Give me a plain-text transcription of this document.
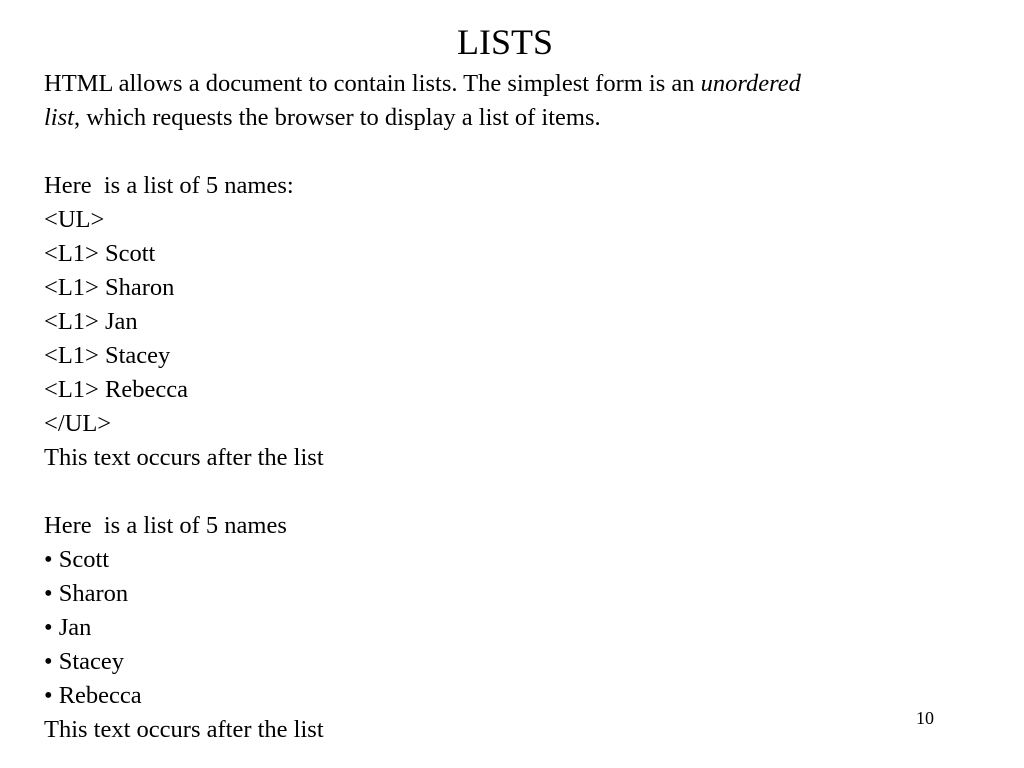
LISTS
HTML allows a document to contain lists. The simplest form is an unordered
list, which requests the browser to display a list of items.
Here  is a list of 5 names:
<UL>
<L1> Scott
<L1> Sharon
<L1> Jan
<L1> Stacey
<L1> Rebecca
</UL>
This text occurs after the list
Here  is a list of 5 names
• Scott
• Sharon
• Jan
• Stacey
• Rebecca
This text occurs after the list	10
